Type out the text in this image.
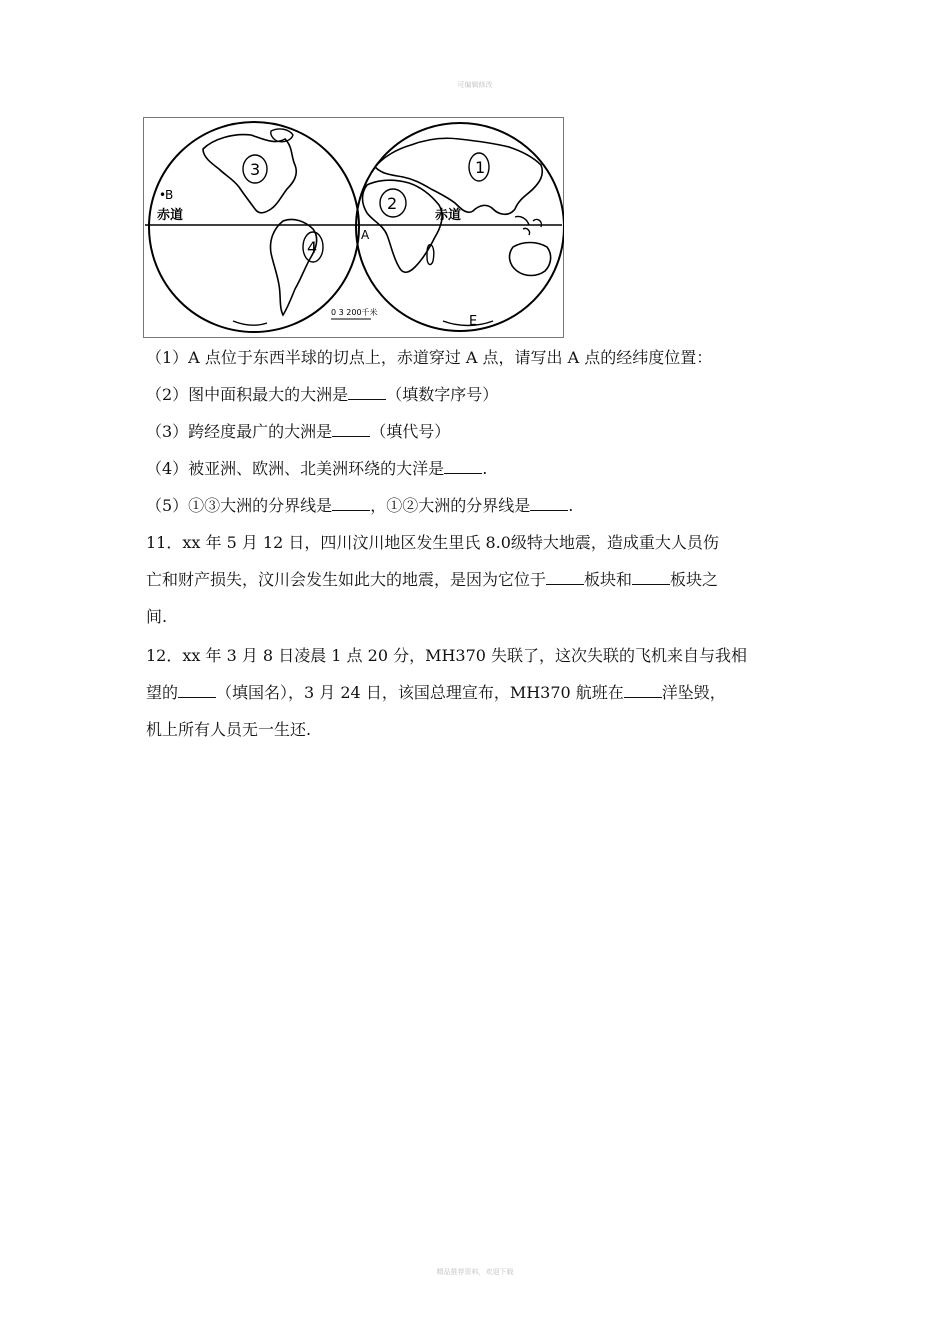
可编辑修改
3
4
2
1
•
B
赤道	赤道
A
E
0 3 200千米
（1）A 点位于东西半球的切点上，赤道穿过 A 点，请写出 A 点的经纬度位置：
（2）图中面积最大的大洲是 （填数字序号）
（3）跨经度最广的大洲是 （填代号）
（4）被亚洲、欧洲、北美洲环绕的大洋是 .
（5）①③大洲的分界线是 ，①②大洲的分界线是 .
11．xx 年 5 月 12 日，四川汶川地区发生里氏 8.0级特大地震，造成重大人员伤
亡和财产损失，汶川会发生如此大的地震，是因为它位于 板块和 板块之
间.
12．xx 年 3 月 8 日凌晨 1 点 20 分，MH370 失联了，这次失联的飞机来自与我相
望的 （填国名），3 月 24 日，该国总理宣布，MH370 航班在 洋坠毁，
机上所有人员无一生还.
精品推荐资料，欢迎下载
